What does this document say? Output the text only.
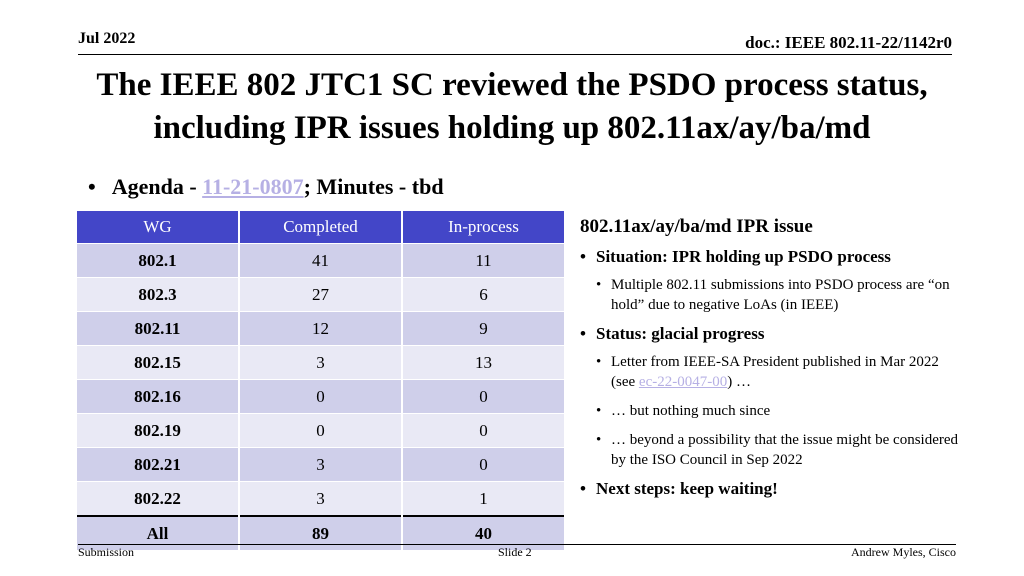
Jul 2022	doc.: IEEE 802.11-22/1142r0
The IEEE 802 JTC1 SC reviewed the PSDO process status, including IPR issues holding up 802.11ax/ay/ba/md
• Agenda - 11-21-0807; Minutes - tbd
WG	Completed	In-process
802.1	41	11
802.3	27	6
802.11	12	9
802.15	3	13
802.16	0	0
802.19	0	0
802.21	3	0
802.22	3	1
All	89	40
802.11ax/ay/ba/md IPR issue
• Situation: IPR holding up PSDO process
• Multiple 802.11 submissions into PSDO process are “on hold” due to negative LoAs (in IEEE)
• Status: glacial progress
• Letter from IEEE-SA President published in Mar 2022 (see ec-22-0047-00) …
• … but nothing much since
• … beyond a possibility that the issue might be considered by the ISO Council in Sep 2022
• Next steps: keep waiting!
Submission	Slide 2	Andrew Myles, Cisco
